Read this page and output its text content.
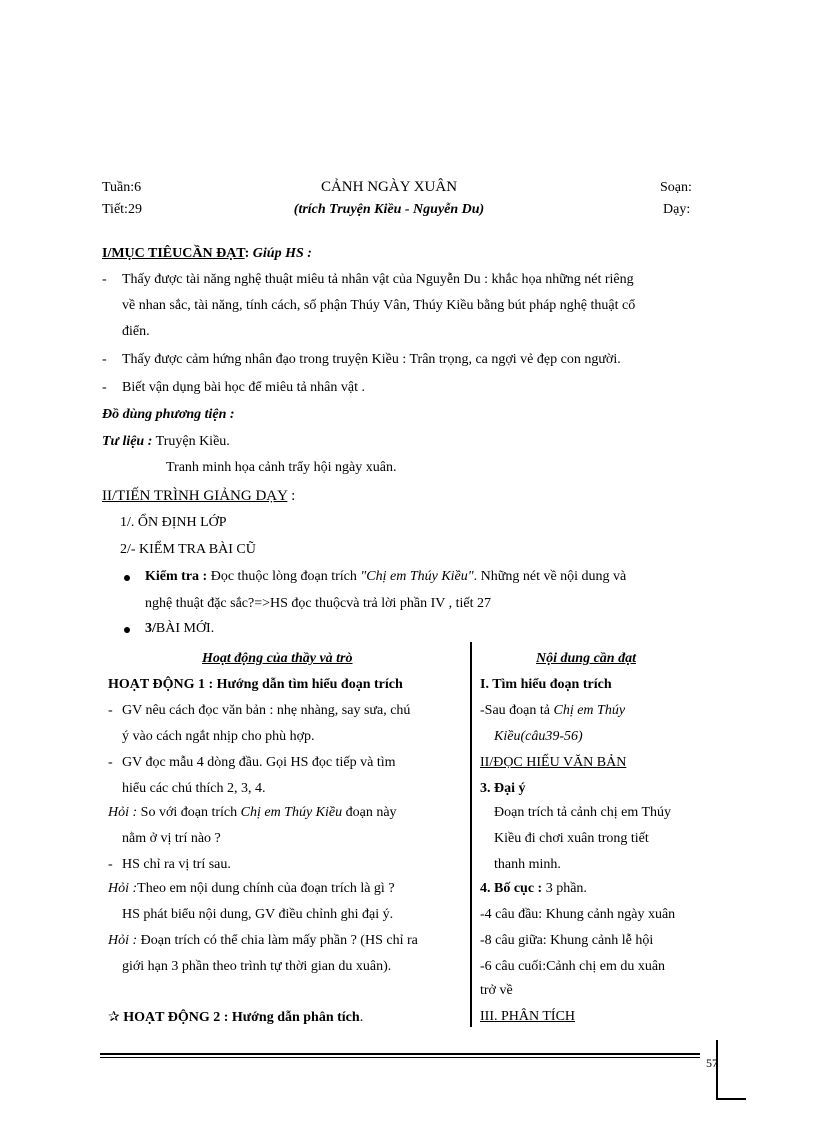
Tuần:6
Tiết:29
CẢNH NGÀY XUÂN
(trích Truyện Kiều - Nguyễn Du)
Soạn:
Dạy:
I/MỤC TIÊUCẦN ĐẠT: Giúp HS :
- Thấy được tài năng nghệ thuật miêu tả nhân vật của Nguyễn Du : khắc họa những nét riêng
về nhan sắc, tài năng, tính cách, số phận Thúy Vân, Thúy Kiều bằng bút pháp nghệ thuật cổ
điển.
- Thấy được cảm hứng nhân đạo trong truyện Kiều : Trân trọng, ca ngợi vẻ đẹp con người.
- Biết vận dụng bài học để miêu tả nhân vật .
Đồ dùng phương tiện :
Tư liệu : Truyện Kiều.
Tranh minh họa cảnh trẩy hội ngày xuân.
II/TIẾN TRÌNH GIẢNG DẠY :
1/. ỔN ĐỊNH LỚP
2/- KIỂM TRA BÀI CŨ
Kiểm tra : Đọc thuộc lòng đoạn trích "Chị em Thúy Kiều". Những nét về nội dung và
nghệ thuật đặc sắc?=>HS đọc thuộcvà trả lời phần IV , tiết 27
3/BÀI MỚI.
Hoạt động của thầy và trò	Nội dung cần đạt
HOẠT ĐỘNG 1 : Hướng dẫn tìm hiểu đoạn trích
- GV nêu cách đọc văn bản : nhẹ nhàng, say sưa, chú
ý vào cách ngắt nhịp cho phù hợp.
- GV đọc mẫu 4 dòng đầu. Gọi HS đọc tiếp và tìm
hiểu các chú thích 2, 3, 4.
Hỏi : So với đoạn trích Chị em Thúy Kiều đoạn này
nằm ở vị trí nào ?
- HS chỉ ra vị trí sau.
Hỏi :Theo em nội dung chính của đoạn trích là gì ?
HS phát biểu nội dung, GV điều chỉnh ghi đại ý.
Hỏi : Đoạn trích có thể chia làm mấy phần ? (HS chỉ ra
giới hạn 3 phần theo trình tự thời gian du xuân).
✰ HOẠT ĐỘNG 2 : Hướng dẫn phân tích.
I. Tìm hiểu đoạn trích
-Sau đoạn tả Chị em Thúy
Kiều(câu39-56)
II/ĐỌC HIỂU VĂN BẢN
3. Đại ý
Đoạn trích tả cảnh chị em Thúy
Kiều đi chơi xuân trong tiết
thanh minh.
4. Bố cục : 3 phần.
-4 câu đầu: Khung cảnh ngày xuân
-8 câu giữa: Khung cảnh lễ hội
-6 câu cuối:Cảnh chị em du xuân
trở về
III. PHÂN TÍCH
57
